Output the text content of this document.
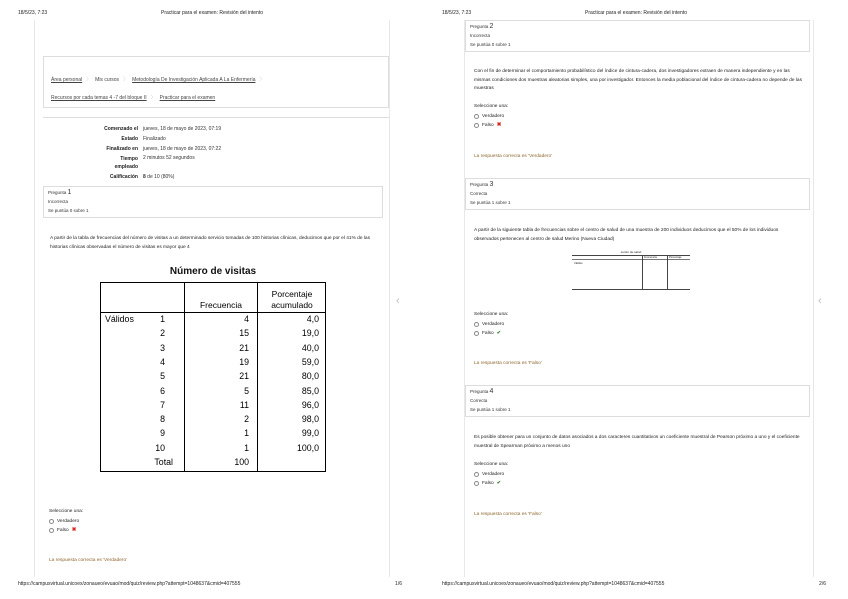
18/5/23, 7:23	Practicar para el examen: Revisión del intento
‹
Área personal 〉 Mis cursos 〉 Metodología De Investigación Aplicada A La Enfermería 〉
Recursos por cada temas 4 -7 del bloque II 〉 Practicar para el examen
Comenzado el jueves, 18 de mayo de 2023, 07:19
Estado Finalizado
Finalizado en jueves, 18 de mayo de 2023, 07:22
Tiempo empleado
2 minutos 52 segundos
Calificación 8 de 10 (80%)
Pregunta 1
Incorrecta
Se puntúa 0 sobre 1
A partir de la tabla de frecuencias del número de visitas a un determinado servicio tomadas de 100 historias clínicas, deducimos que por el 41% de las historias clínicas observadas el número de visitas es mayor que 4
Número de visitas
Frecuencia
Porcentaje acumulado
Válidos	1	4	4,0
2	15	19,0
3	21	40,0
4	19	59,0
5	21	80,0
6	5	85,0
7	11	96,0
8	2	98,0
9	1	99,0
10	1	100,0
Total	100
Seleccione una:
Verdadero
Falso ✖
La respuesta correcta es 'Verdadero'
https://campusvirtual.unicoex/zonaueo/evuao/mod/quiz/review.php?attempt=1048637&cmid=407555	1/6
18/5/23, 7:23	Practicar para el examen: Revisión del intento
‹
Pregunta 2
Incorrecta
Se puntúa 0 sobre 1
Con el fin de determinar el comportamiento probabilístico del índice de cintura-cadera, dos investigadores extraen de manera independiente y en las mismas condiciones dos muestras aleatorias simples, una por investigador. Entonces la media poblacional del índice de cintura-cadera no depende de las muestras
Seleccione una:
Verdadero
Falso ✖
La respuesta correcta es 'Verdadero'
Pregunta 3
Correcta
Se puntúa 1 sobre 1
A partir de la siguiente tabla de frecuencias sobre el centro de salud de una muestra de 200 individuos deducimos que el 50% de los individuos observados pertenecen al centro de salud Merino (Nueva Ciudad)
centro de salud
Frecuencia	Porcentaje
Válidos
Seleccione una:
Verdadero
Falso ✔
La respuesta correcta es 'Falso'
Pregunta 4
Correcta
Se puntúa 1 sobre 1
Es posible obtener para un conjunto de datos asociados a dos caracteres cuantitativos un coeficiente muestral de Pearson próximo a uno y el coeficiente muestral de Spearman próximo a menos uno
Seleccione una:
Verdadero
Falso ✔
La respuesta correcta es 'Falso'
https://campusvirtual.unicoex/zonaueo/evuao/mod/quiz/review.php?attempt=1048637&cmid=407555	2/6
